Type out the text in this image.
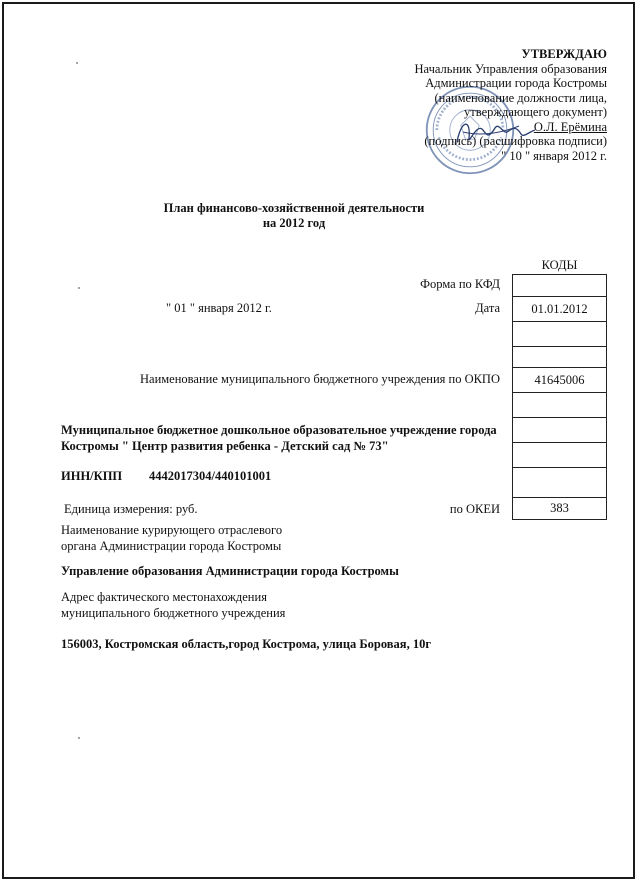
УТВЕРЖДАЮ
Начальник Управления образования
Администрации города Костромы
(наименование должности лица,
утверждающего документ)
О.Л. Ерёмина
(подпись) (расшифровка подписи)
" 10 " января 2012 г.
План финансово-хозяйственной деятельности
на 2012 год
КОДЫ
01.01.2012
41645006
383
Форма по КФД
" 01 " января 2012 г.	Дата
Наименование муниципального бюджетного учреждения по ОКПО
Муниципальное бюджетное дошкольное образовательное учреждение города
Костромы " Центр развития ребенка - Детский сад № 73"
ИНН/КПП 4442017304/440101001
Единица измерения: руб.	по ОКЕИ
Наименование курирующего отраслевого
органа Администрации города Костромы
Управление образования Администрации города Костромы
Адрес фактического местонахождения
муниципального бюджетного учреждения
156003, Костромская область,город Кострома, улица Боровая, 10г
